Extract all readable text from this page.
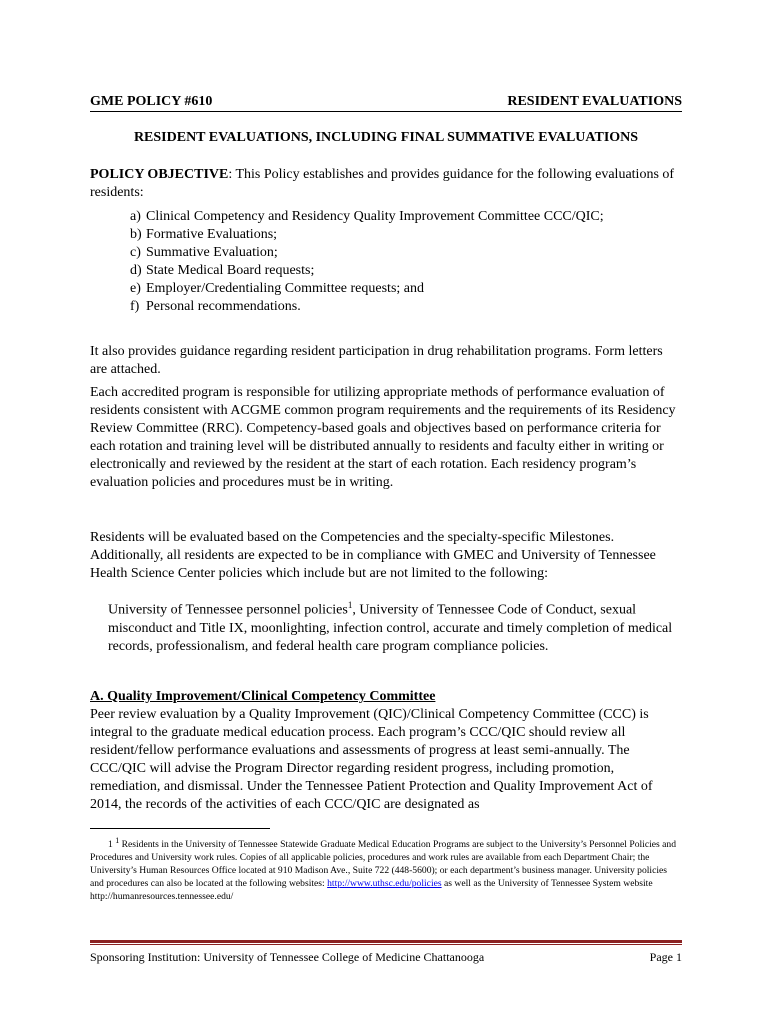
GME POLICY #610	RESIDENT EVALUATIONS
RESIDENT EVALUATIONS, INCLUDING FINAL SUMMATIVE EVALUATIONS
POLICY OBJECTIVE: This Policy establishes and provides guidance for the following evaluations of residents:
a) Clinical Competency and Residency Quality Improvement Committee CCC/QIC;
b) Formative Evaluations;
c) Summative Evaluation;
d) State Medical Board requests;
e) Employer/Credentialing Committee requests; and
f) Personal recommendations.
It also provides guidance regarding resident participation in drug rehabilitation programs. Form letters are attached.
Each accredited program is responsible for utilizing appropriate methods of performance evaluation of residents consistent with ACGME common program requirements and the requirements of its Residency Review Committee (RRC). Competency-based goals and objectives based on performance criteria for each rotation and training level will be distributed annually to residents and faculty either in writing or electronically and reviewed by the resident at the start of each rotation. Each residency program’s evaluation policies and procedures must be in writing.
Residents will be evaluated based on the Competencies and the specialty-specific Milestones. Additionally, all residents are expected to be in compliance with GMEC and University of Tennessee Health Science Center policies which include but are not limited to the following:
University of Tennessee personnel policies$^1$, University of Tennessee Code of Conduct, sexual misconduct and Title IX, moonlighting, infection control, accurate and timely completion of medical records, professionalism, and federal health care program compliance policies.
A. Quality Improvement/Clinical Competency Committee
Peer review evaluation by a Quality Improvement (QIC)/Clinical Competency Committee (CCC) is integral to the graduate medical education process. Each program’s CCC/QIC should review all resident/fellow performance evaluations and assessments of progress at least semi-annually. The CCC/QIC will advise the Program Director regarding resident progress, including promotion, remediation, and dismissal. Under the Tennessee Patient Protection and Quality Improvement Act of 2014, the records of the activities of each CCC/QIC are designated as
1 $^1$ Residents in the University of Tennessee Statewide Graduate Medical Education Programs are subject to the University’s Personnel Policies and Procedures and University work rules. Copies of all applicable policies, procedures and work rules are available from each Department Chair; the University’s Human Resources Office located at 910 Madison Ave., Suite 722 (448-5600); or each department’s business manager. University policies and procedures can also be located at the following websites: http://www.uthsc.edu/policies as well as the University of Tennessee System website http://humanresources.tennessee.edu/
Sponsoring Institution: University of Tennessee College of Medicine Chattanooga	Page 1
